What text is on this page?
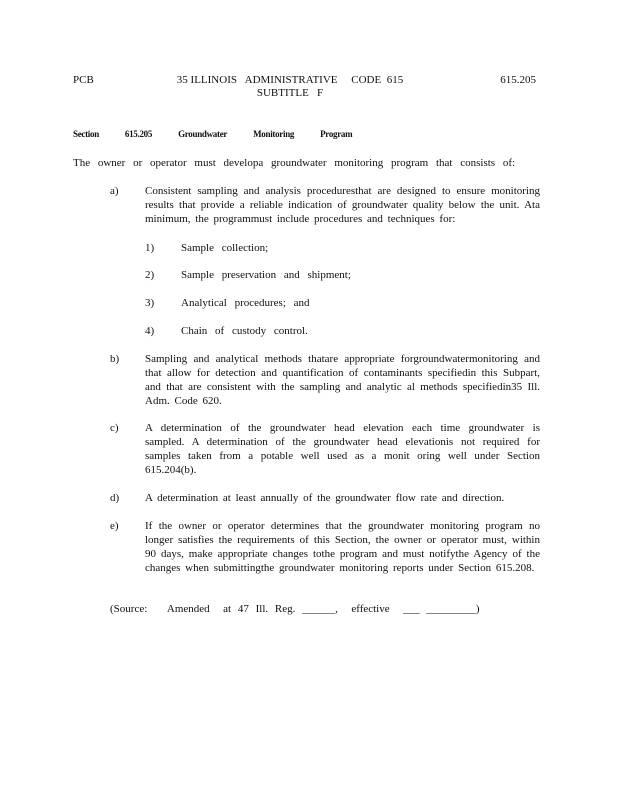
PCB	35 ILLINOIS   ADMINISTRATIVE     CODE  615
SUBTITLE   F
615.205
Section	615.205	Groundwater	Monitoring	Program
The owner or operator must developa groundwater monitoring program that consists of:
a) Consistent sampling and analysis proceduresthat are designed to ensure monitoring results that provide a reliable indication of groundwater quality below the unit. Ata minimum, the programmust include procedures and techniques for:
1) Sample collection;
2) Sample preservation and shipment;
3) Analytical procedures; and
4) Chain of custody control.
b) Sampling and analytical methods thatare appropriate forgroundwatermonitoring and that allow for detection and quantification of contaminants specifiedin this Subpart, and that are consistent with the sampling and analytic al methods specifiedin35 Ill. Adm. Code 620.
c) A determination of the groundwater head elevation each time groundwater is sampled. A determination of the groundwater head elevationis not required for samples taken from a potable well used as a monit oring well under Section 615.204(b).
d) A determination at least annually of the groundwater flow rate and direction.
e) If the owner or operator determines that the groundwater monitoring program no longer satisfies the requirements of this Section, the owner or operator must, within 90 days, make appropriate changes tothe program and must notifythe Agency of the changes when submittingthe groundwater monitoring reports under Section 615.208.
(Source:   Amended  at 47 Ill. Reg. ______,  effective  ___ _________)
